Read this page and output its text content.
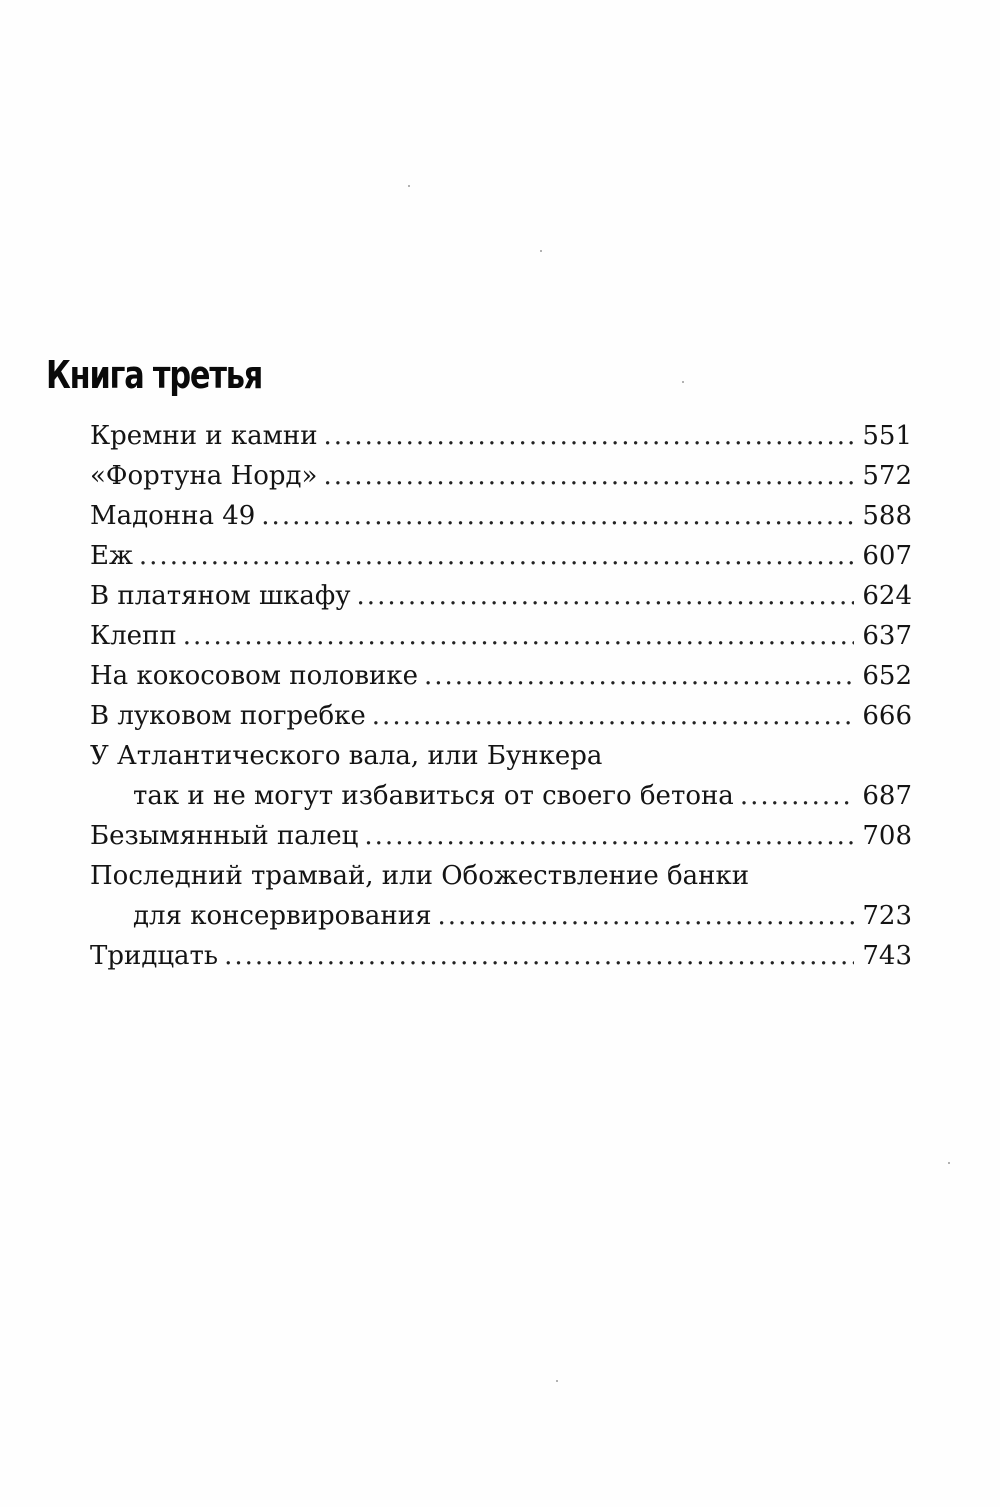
Книга третья
Кремни и камни .....	551
«Фортуна Норд» .....	572
Мадонна 49 .....	588
Еж .....	607
В платяном шкафу .....	624
Клепп .....	637
На кокосовом половике .....	652
В луковом погребке .....	666
У Атлантического вала, или Бункера
так и не могут избавиться от своего бетона .....	687
Безымянный палец .....	708
Последний трамвай, или Обожествление банки
для консервирования .....	723
Тридцать .....	743
